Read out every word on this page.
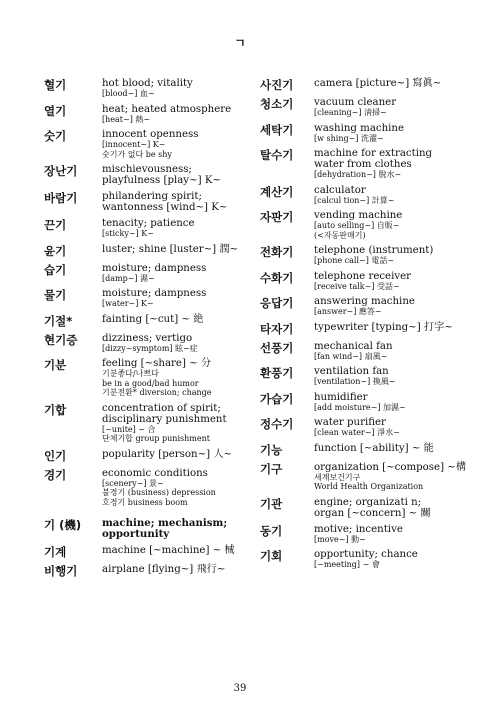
ㄱ
혈기	hot blood; vitality
[blood~] 血~
열기	heat; heated atmosphere
[heat~] 熱~
숫기	innocent openness
[innocent~] K~
숫기가 없다 be shy
장난기	mischievousness;
playfulness [play~] K~
바람기	philandering spirit;
wantonness [wind~] K~
끈기	tenacity; patience
[sticky~] K~
윤기	luster; shine [luster~] 潤~
습기	moisture; dampness
[damp~] 濕~
물기	moisture; dampness
[water~] K~
기절*	fainting [~cut] ~ 絶
현기증	dizziness; vertigo
[dizzy~symptom] 眩~症
기분	feeling [~share] ~ 分
기분좋다/나쁘다
be in a good/bad humor
기분전환* diversion; change
기합	concentration of spirit;
disciplinary punishment
[~unite] ~ 合
단체기합 group punishment
인기	popularity [person~] 人~
경기	economic conditions
[scenery~] 景~
불경기 (business) depression
호경기 business boom
기 (機)	machine; mechanism;
opportunity
기계	machine [~machine] ~ 械
비행기	airplane [flying~] 飛行~
사진기	camera [picture~] 寫眞~
청소기	vacuum cleaner
[cleaning~] 淸掃~
세탁기	washing machine
[w shing~] 洗濯~
탈수기	machine for extracting
water from clothes
[dehydration~] 脫水~
계산기	calculator
[calcul tion~] 計算~
자판기	vending machine
[auto selling~] 自販~
(<자동판매기)
전화기	telephone (instrument)
[phone call~] 電話~
수화기	telephone receiver
[receive talk~] 受話~
응답기	answering machine
[answer~] 應答~
타자기	typewriter [typing~] 打字~
선풍기	mechanical fan
[fan wind~] 扇風~
환풍기	ventilation fan
[ventilation~] 換風~
가습기	humidifier
[add moisture~] 加濕~
정수기	water purifier
[clean water~] 淨水~
기능	function [~ability] ~ 能
기구	organization [~compose] ~構
세계보건기구
World Health Organization
기관	engine; organizati n;
organ [~concern] ~ 關
동기	motive; incentive
[move~] 動~
기회	opportunity; chance
[~meeting] ~ 會
39
